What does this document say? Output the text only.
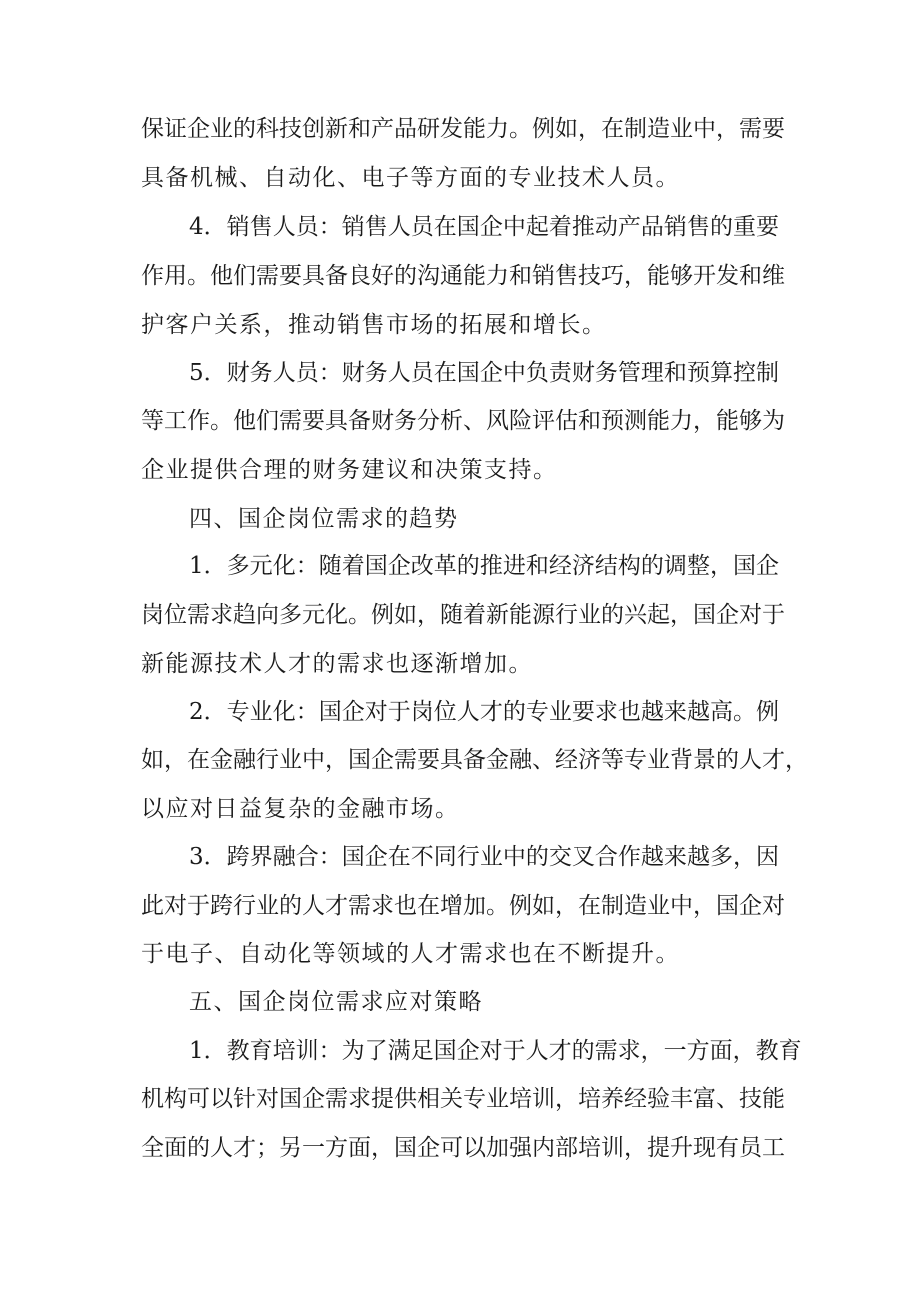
保证企业的科技创新和产品研发能力。例如，在制造业中，需要
具备机械、自动化、电子等方面的专业技术人员。
4．销售人员：销售人员在国企中起着推动产品销售的重要
作用。他们需要具备良好的沟通能力和销售技巧，能够开发和维
护客户关系，推动销售市场的拓展和增长。
5．财务人员：财务人员在国企中负责财务管理和预算控制
等工作。他们需要具备财务分析、风险评估和预测能力，能够为
企业提供合理的财务建议和决策支持。
四、国企岗位需求的趋势
1．多元化：随着国企改革的推进和经济结构的调整，国企
岗位需求趋向多元化。例如，随着新能源行业的兴起，国企对于
新能源技术人才的需求也逐渐增加。
2．专业化：国企对于岗位人才的专业要求也越来越高。例
如，在金融行业中，国企需要具备金融、经济等专业背景的人才，
以应对日益复杂的金融市场。
3．跨界融合：国企在不同行业中的交叉合作越来越多，因
此对于跨行业的人才需求也在增加。例如，在制造业中，国企对
于电子、自动化等领域的人才需求也在不断提升。
五、国企岗位需求应对策略
1．教育培训：为了满足国企对于人才的需求，一方面，教育
机构可以针对国企需求提供相关专业培训，培养经验丰富、技能
全面的人才；另一方面，国企可以加强内部培训，提升现有员工
